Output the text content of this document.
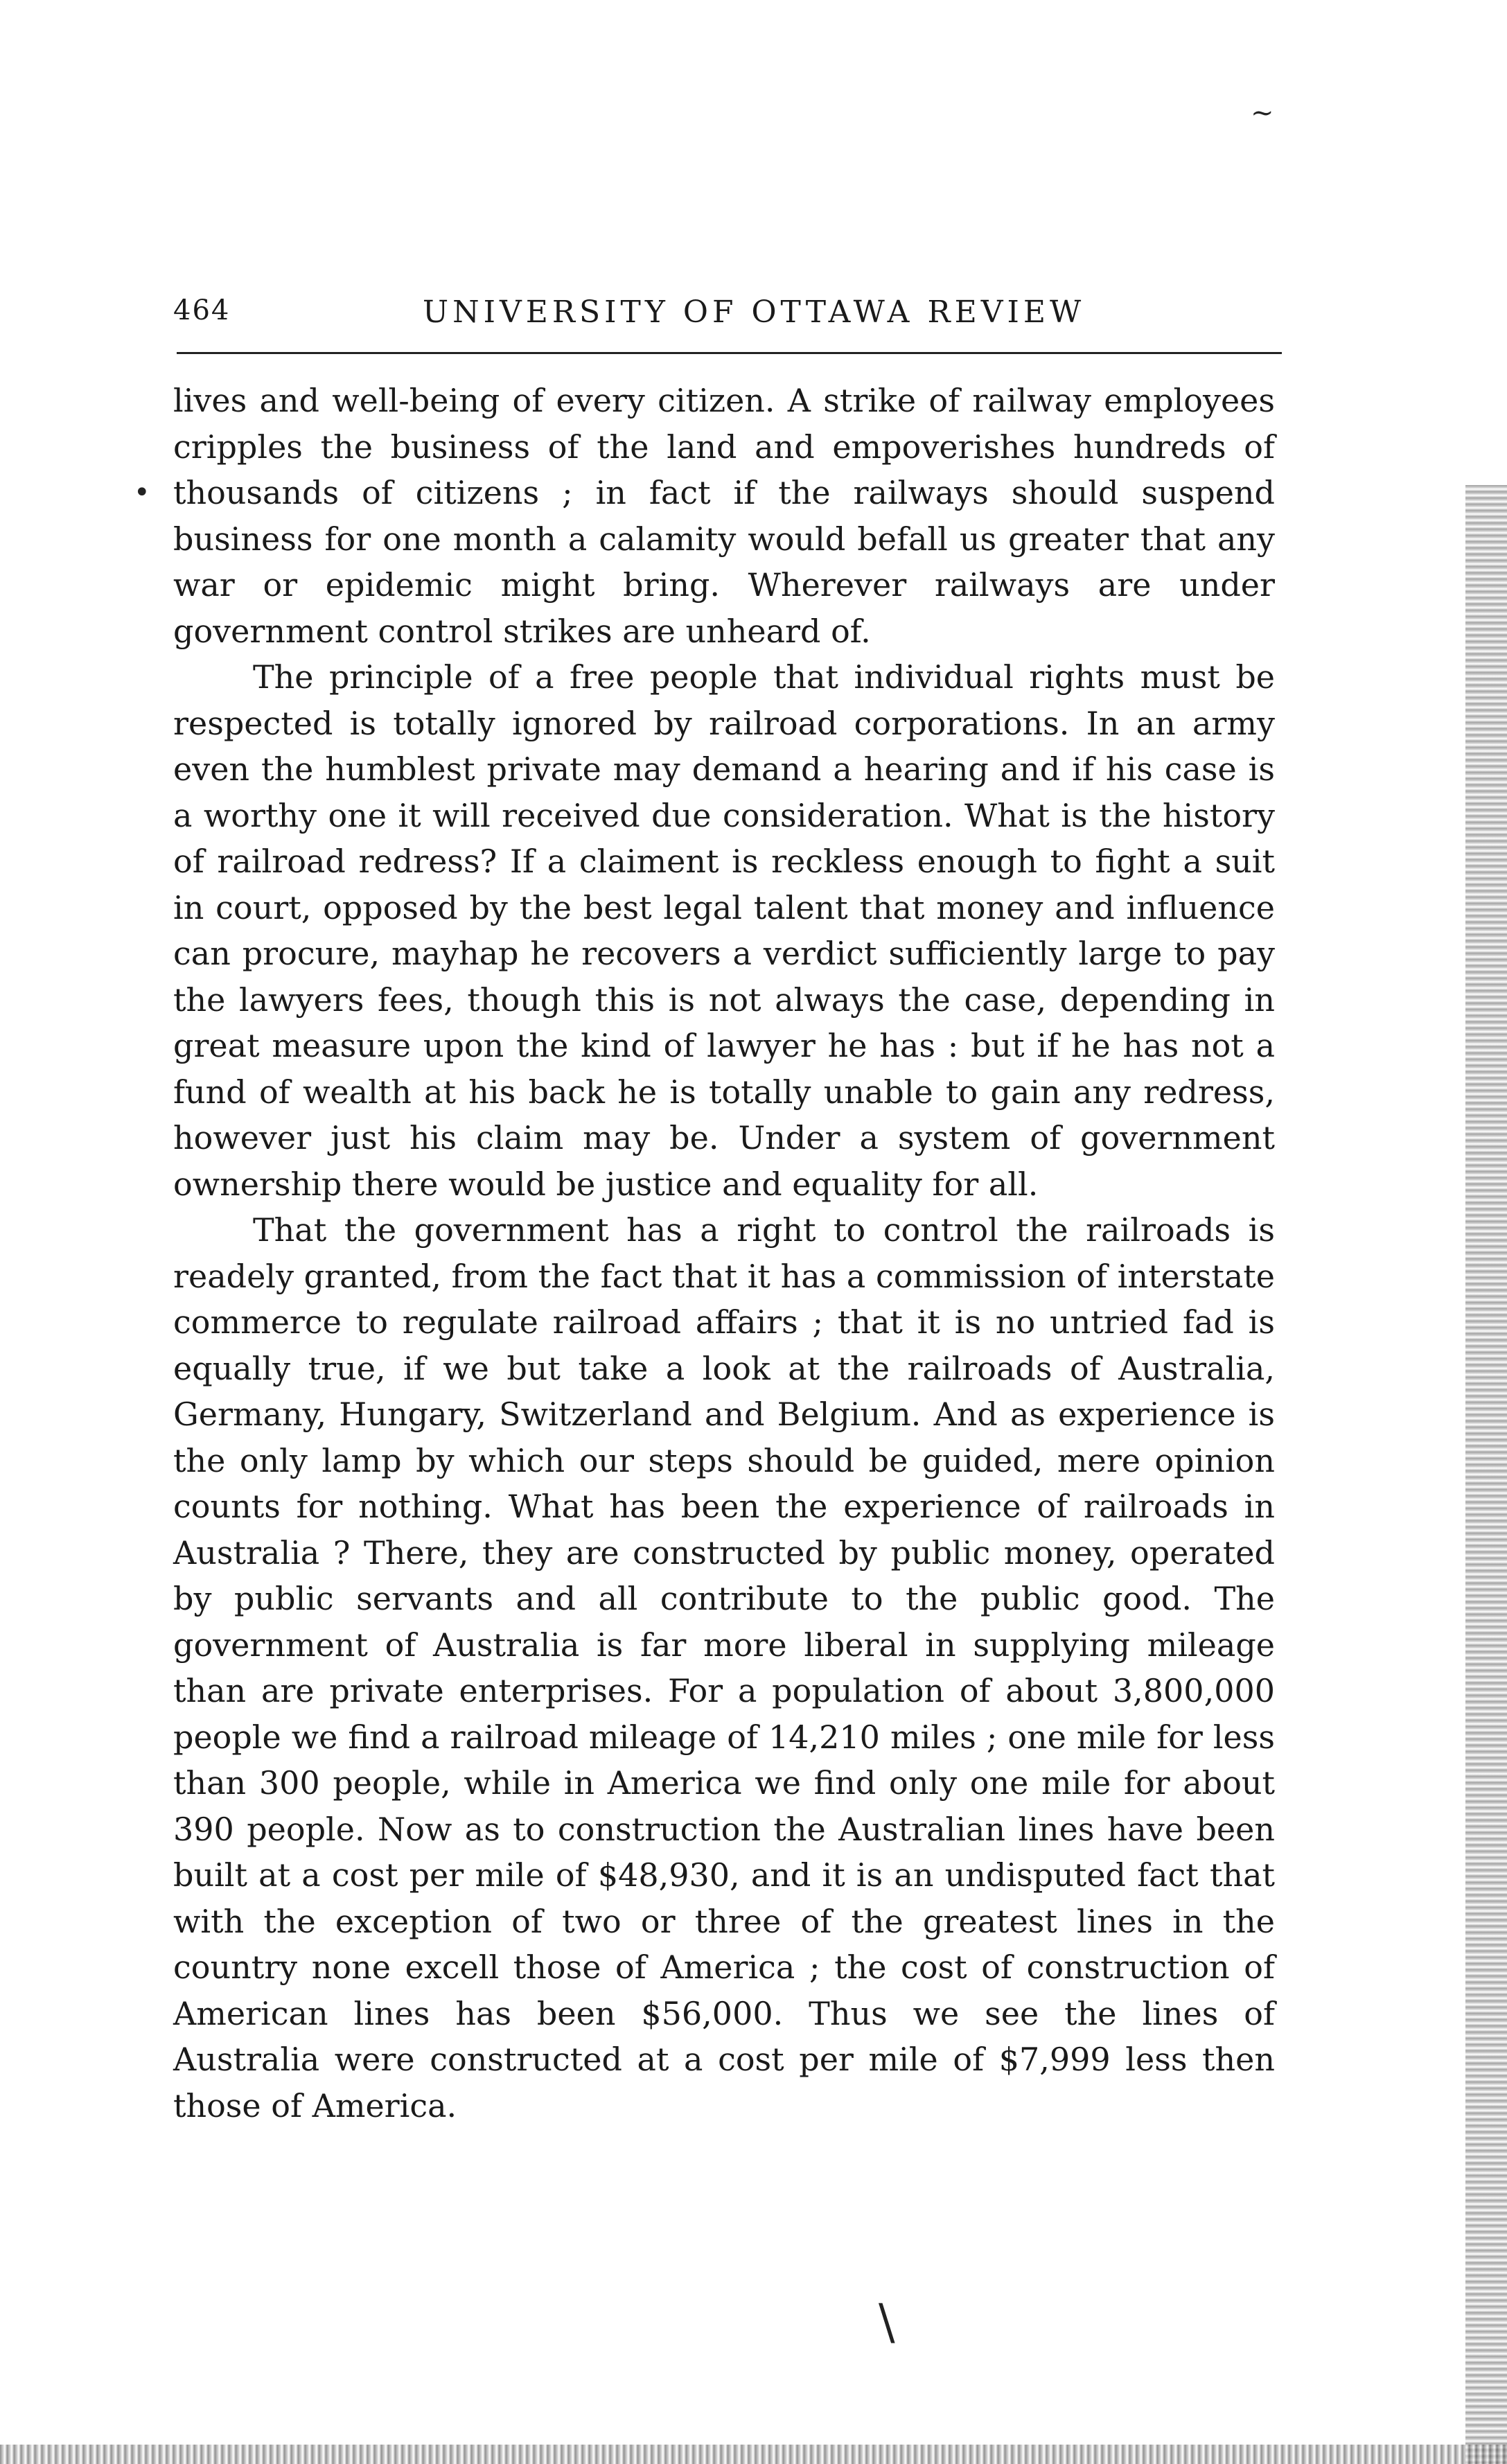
~
464	UNIVERSITY OF OTTAWA REVIEW
•

lives and well-being of every citizen. A strike of railway employees cripples the business of the land and empoverishes hundreds of thousands of citizens ; in fact if the railways should suspend business for one month a calamity would befall us greater that any war or epidemic might bring. Wherever railways are under government control strikes are unheard of.

The principle of a free people that individual rights must be respected is totally ignored by railroad corporations. In an army even the humblest private may demand a hearing and if his case is a worthy one it will received due consideration. What is the history of railroad redress? If a claiment is reckless enough to fight a suit in court, opposed by the best legal talent that money and influence can procure, mayhap he recovers a verdict sufficiently large to pay the lawyers fees, though this is not always the case, depending in great measure upon the kind of lawyer he has : but if he has not a fund of wealth at his back he is totally unable to gain any redress, however just his claim may be. Under a system of government ownership there would be justice and equality for all.

That the government has a right to control the railroads is readely granted, from the fact that it has a commission of interstate commerce to regulate railroad affairs ; that it is no untried fad is equally true, if we but take a look at the railroads of Australia, Germany, Hungary, Switzerland and Belgium. And as experience is the only lamp by which our steps should be guided, mere opinion counts for nothing. What has been the experience of railroads in Australia ? There, they are constructed by public money, operated by public servants and all contribute to the public good. The government of Australia is far more liberal in supplying mileage than are private enterprises. For a population of about 3,800,000 people we find a railroad mileage of 14,210 miles ; one mile for less than 300 people, while in America we find only one mile for about 390 people. Now as to construction the Australian lines have been built at a cost per mile of $48,930, and it is an undisputed fact that with the exception of two or three of the greatest lines in the country none excell those of America ; the cost of construction of American lines has been $56,000. Thus we see the lines of Australia were constructed at a cost per mile of $7,999 less then those of America.

\
